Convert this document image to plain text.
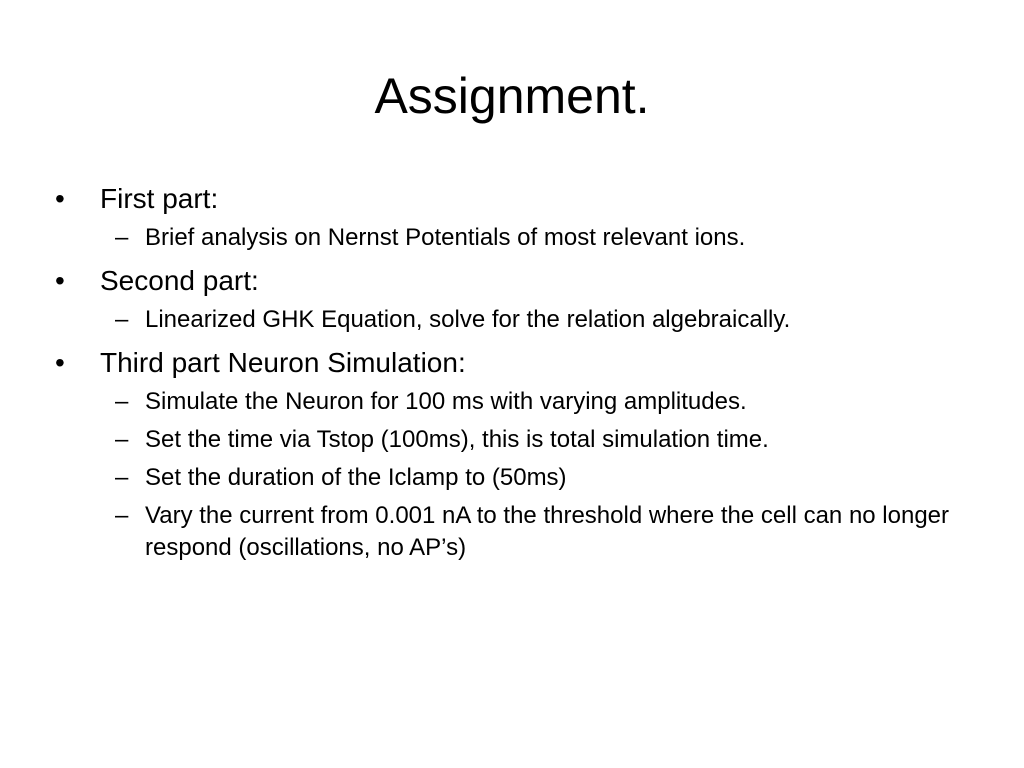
Assignment.
•	First part:
– Brief analysis on Nernst Potentials of most relevant ions.
•	Second part:
– Linearized GHK Equation, solve for the relation algebraically.
•	Third part Neuron Simulation:
– Simulate the Neuron for 100 ms with varying amplitudes.
– Set the time via Tstop (100ms), this is total simulation time.
– Set the duration of the Iclamp to (50ms)
– Vary the current from 0.001 nA to the threshold where the cell can no longer respond (oscillations, no AP’s)
